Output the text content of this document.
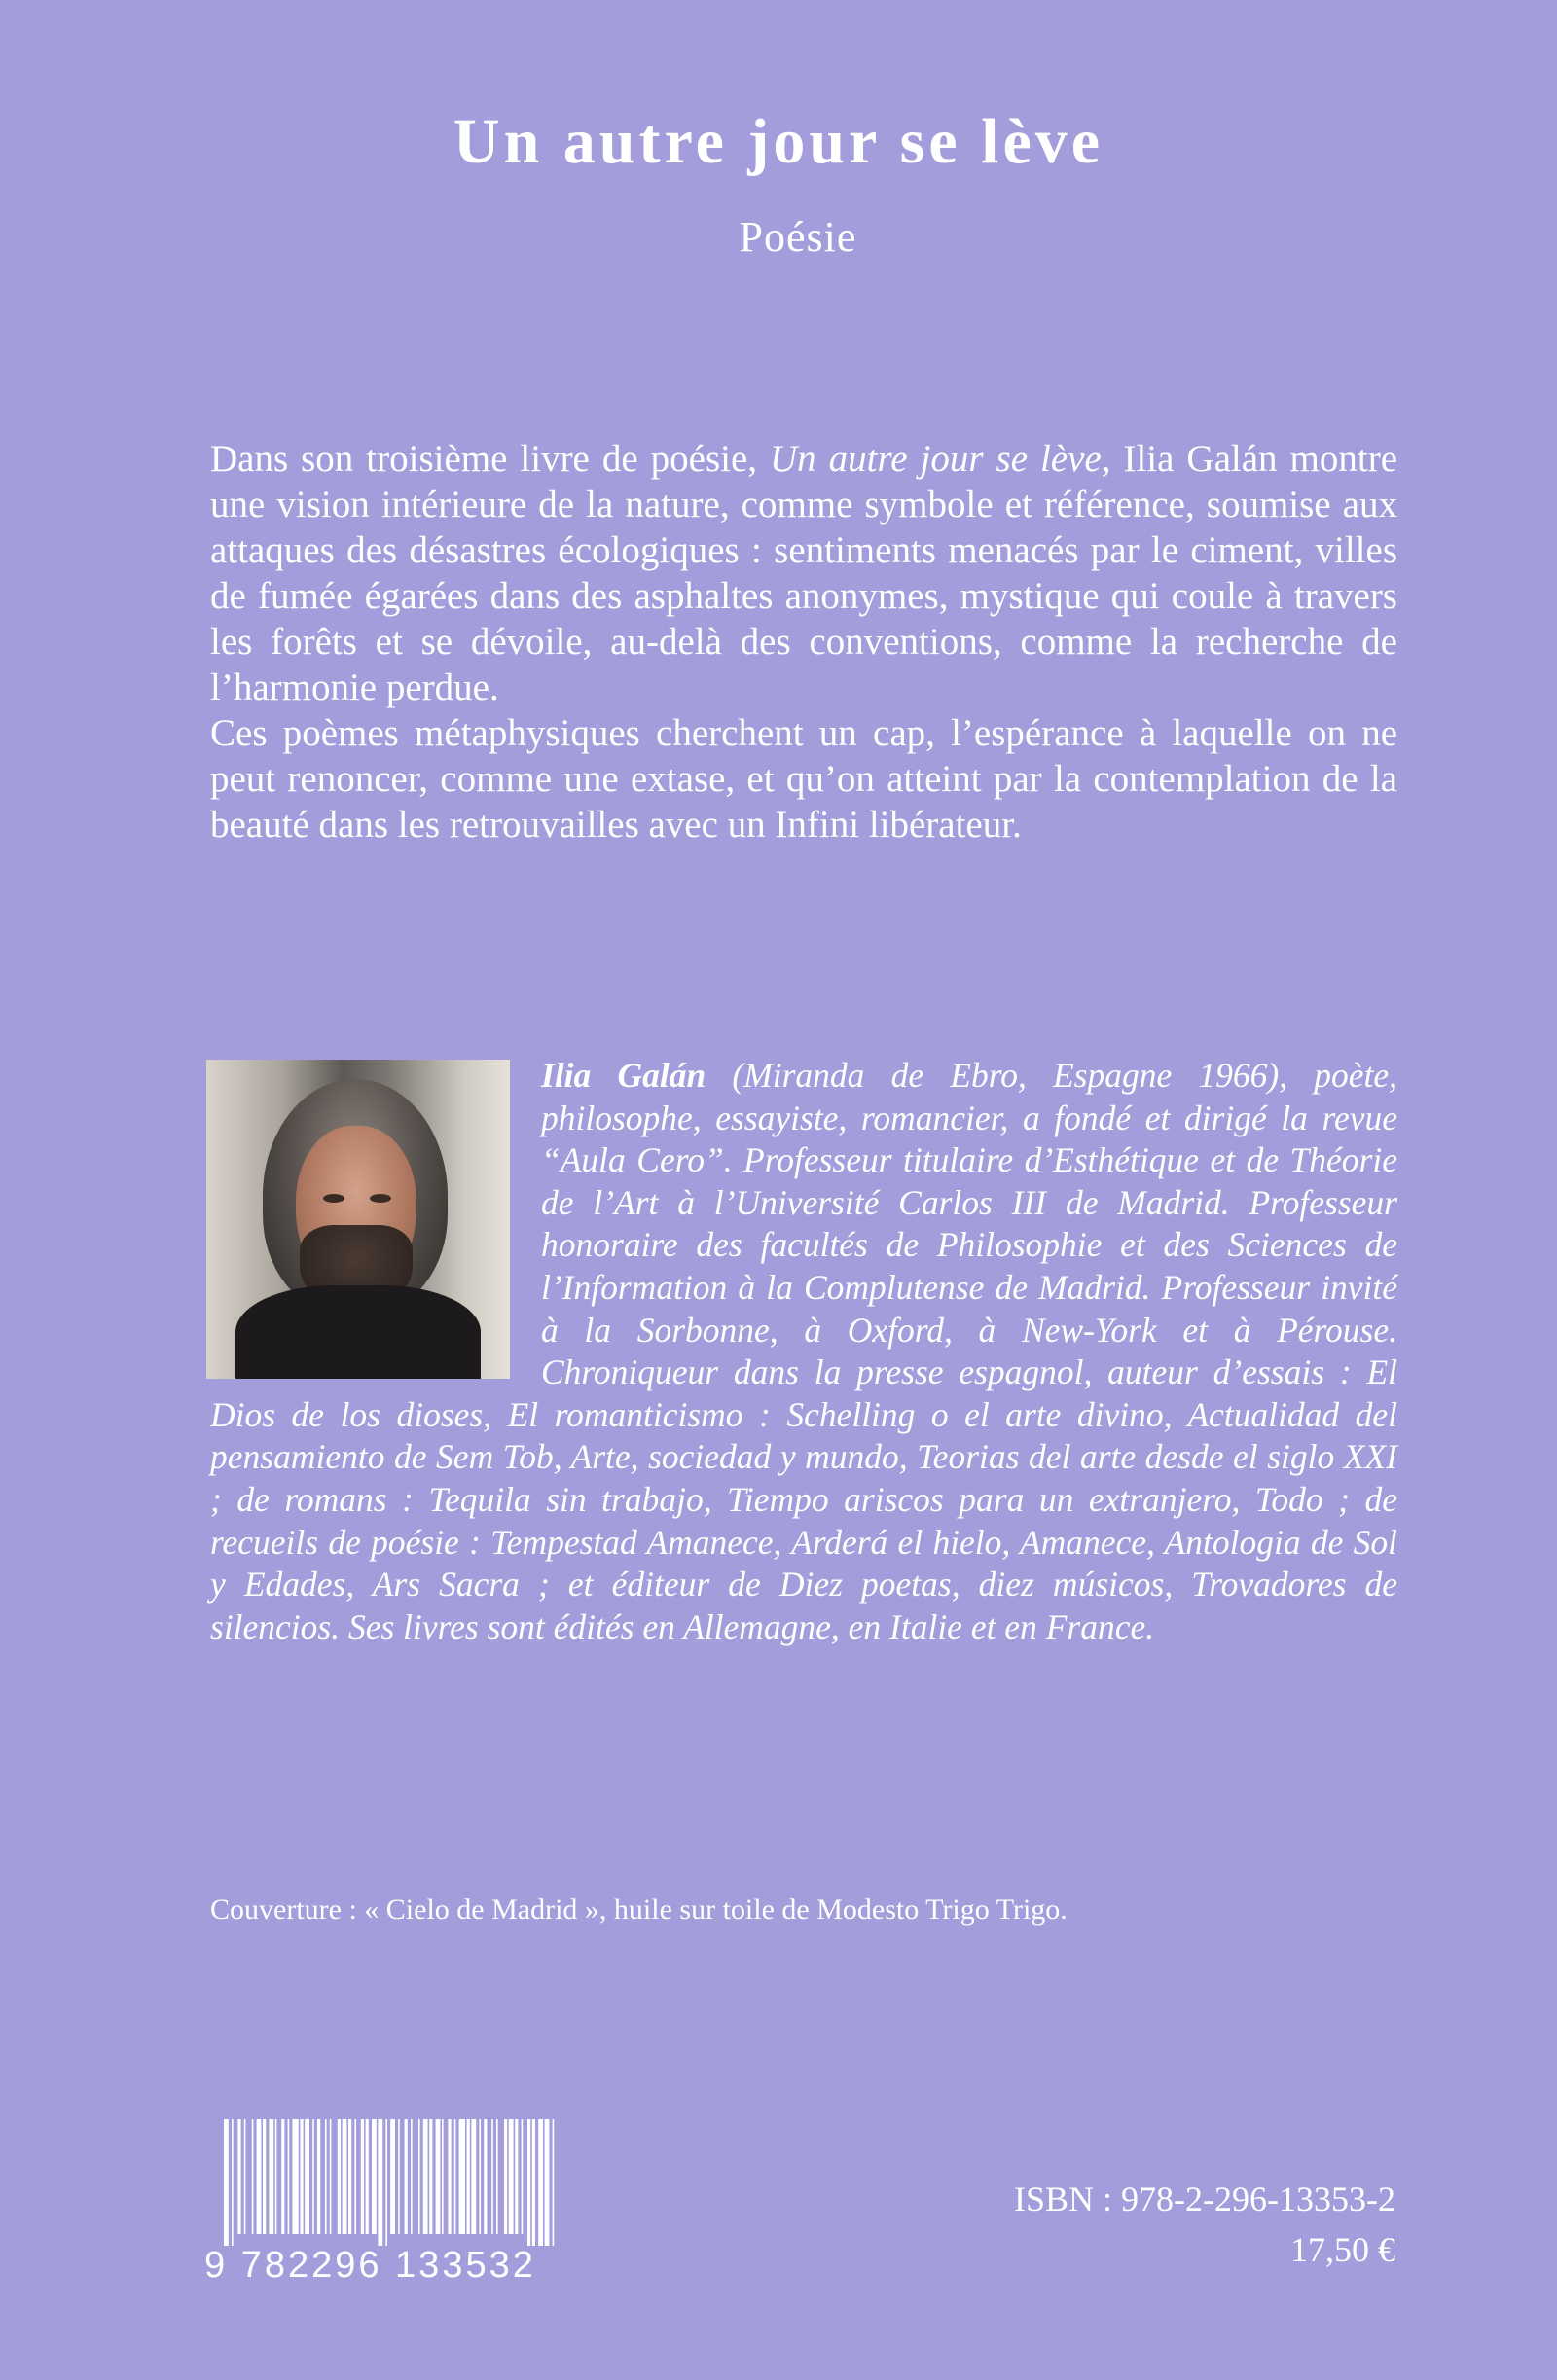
Un autre jour se lève
Poésie

Dans son troisième livre de poésie, Un autre jour se lève, Ilia Galán montre une vision intérieure de la nature, comme symbole et référence, soumise aux attaques des désastres écologiques : sentiments menacés par le ciment, villes de fumée égarées dans des asphaltes anonymes, mystique qui coule à travers les forêts et se dévoile, au-delà des conventions, comme la recherche de l’harmonie perdue.

Ces poèmes métaphysiques cherchent un cap, l’espérance à laquelle on ne peut renoncer, comme une extase, et qu’on atteint par la contemplation de la beauté dans les retrouvailles avec un Infini libérateur.

Ilia Galán (Miranda de Ebro, Espagne 1966), poète, philosophe, essayiste, romancier, a fondé et dirigé la revue “Aula Cero”. Professeur titulaire d’Esthétique et de Théorie de l’Art à l’Université Carlos III de Madrid. Professeur honoraire des facultés de Philosophie et des Sciences de l’Information à la Complutense de Madrid. Professeur invité à la Sorbonne, à Oxford, à New-York et à Pérouse. Chroniqueur dans la presse espagnol, auteur d’essais : El Dios de los dioses, El romanticismo : Schelling o el arte divino, Actualidad del pensamiento de Sem Tob, Arte, sociedad y mundo, Teorias del arte desde el siglo XXI ; de romans : Tequila sin trabajo, Tiempo ariscos para un extranjero, Todo ; de recueils de poésie : Tempestad Amanece, Arderá el hielo, Amanece, Antologia de Sol y Edades, Ars Sacra ; et éditeur de Diez poetas, diez músicos, Trovadores de silencios. Ses livres sont édités en Allemagne, en Italie et en France.
Couverture : « Cielo de Madrid », huile sur toile de Modesto Trigo Trigo.
9 782296 133532
ISBN : 978-2-296-13353-2
17,50 €
